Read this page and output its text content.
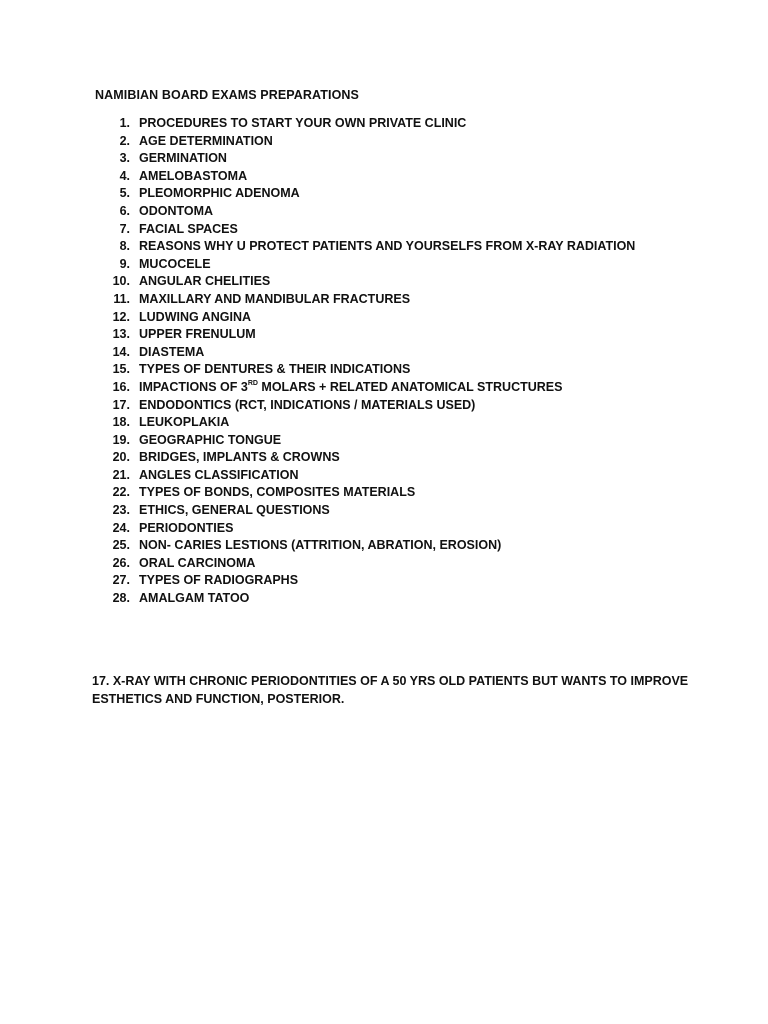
NAMIBIAN BOARD EXAMS PREPARATIONS
1. PROCEDURES TO START YOUR OWN PRIVATE CLINIC
2. AGE DETERMINATION
3. GERMINATION
4. AMELOBASTOMA
5. PLEOMORPHIC ADENOMA
6. ODONTOMA
7. FACIAL SPACES
8. REASONS WHY U PROTECT PATIENTS AND YOURSELFS FROM X-RAY RADIATION
9. MUCOCELE
10. ANGULAR CHELITIES
11. MAXILLARY AND MANDIBULAR FRACTURES
12. LUDWING ANGINA
13. UPPER FRENULUM
14. DIASTEMA
15. TYPES OF DENTURES & THEIR INDICATIONS
16. IMPACTIONS OF 3RD MOLARS + RELATED ANATOMICAL STRUCTURES
17. ENDODONTICS (RCT, INDICATIONS / MATERIALS USED)
18. LEUKOPLAKIA
19. GEOGRAPHIC TONGUE
20. BRIDGES, IMPLANTS & CROWNS
21. ANGLES CLASSIFICATION
22. TYPES OF BONDS, COMPOSITES MATERIALS
23. ETHICS, GENERAL QUESTIONS
24. PERIODONTIES
25. NON- CARIES LESTIONS (ATTRITION, ABRATION, EROSION)
26. ORAL CARCINOMA
27. TYPES OF RADIOGRAPHS
28. AMALGAM TATOO
17. X-RAY WITH CHRONIC PERIODONTITIES OF A 50 YRS OLD PATIENTS BUT WANTS TO IMPROVE ESTHETICS AND FUNCTION, POSTERIOR.
